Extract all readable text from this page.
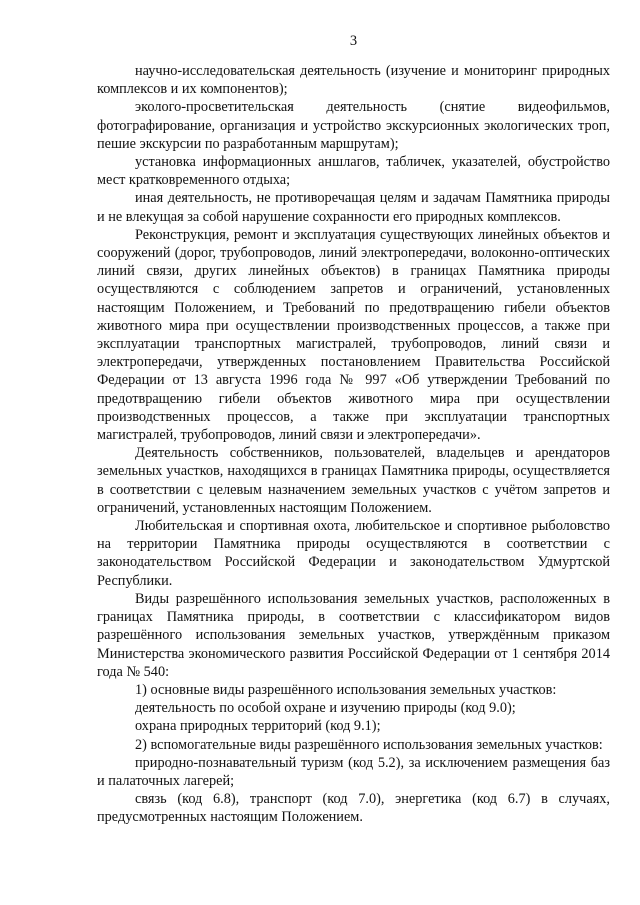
3

научно-исследовательская деятельность (изучение и мониторинг природных комплексов и их компонентов);

эколого-просветительская деятельность (снятие видеофильмов, фотографирование, организация и устройство экскурсионных экологических троп, пешие экскурсии по разработанным маршрутам);

установка информационных аншлагов, табличек, указателей, обустройство мест кратковременного отдыха;

иная деятельность, не противоречащая целям и задачам Памятника природы и не влекущая за собой нарушение сохранности его природных комплексов.

Реконструкция, ремонт и эксплуатация существующих линейных объектов и сооружений (дорог, трубопроводов, линий электропередачи, волоконно-оптических линий связи, других линейных объектов) в границах Памятника природы осуществляются с соблюдением запретов и ограничений, установленных настоящим Положением, и Требований по предотвращению гибели объектов животного мира при осуществлении производственных процессов, а также при эксплуатации транспортных магистралей, трубопроводов, линий связи и электропередачи, утвержденных постановлением Правительства Российской Федерации от 13 августа 1996 года № 997 «Об утверждении Требований по предотвращению гибели объектов животного мира при осуществлении производственных процессов, а также при эксплуатации транспортных магистралей, трубопроводов, линий связи и электропередачи».

Деятельность собственников, пользователей, владельцев и арендаторов земельных участков, находящихся в границах Памятника природы, осуществляется в соответствии с целевым назначением земельных участков с учётом запретов и ограничений, установленных настоящим Положением.

Любительская и спортивная охота, любительское и спортивное рыболовство на территории Памятника природы осуществляются в соответствии с законодательством Российской Федерации и законодательством Удмуртской Республики.

Виды разрешённого использования земельных участков, расположенных в границах Памятника природы, в соответствии с классификатором видов разрешённого использования земельных участков, утверждённым приказом Министерства экономического развития Российской Федерации от 1 сентября 2014 года № 540:

1) основные виды разрешённого использования земельных участков:

деятельность по особой охране и изучению природы (код 9.0);

охрана природных территорий (код 9.1);

2) вспомогательные виды разрешённого использования земельных участков:

природно-познавательный туризм (код 5.2), за исключением размещения баз и палаточных лагерей;

связь (код 6.8), транспорт (код 7.0), энергетика (код 6.7) в случаях, предусмотренных настоящим Положением.
